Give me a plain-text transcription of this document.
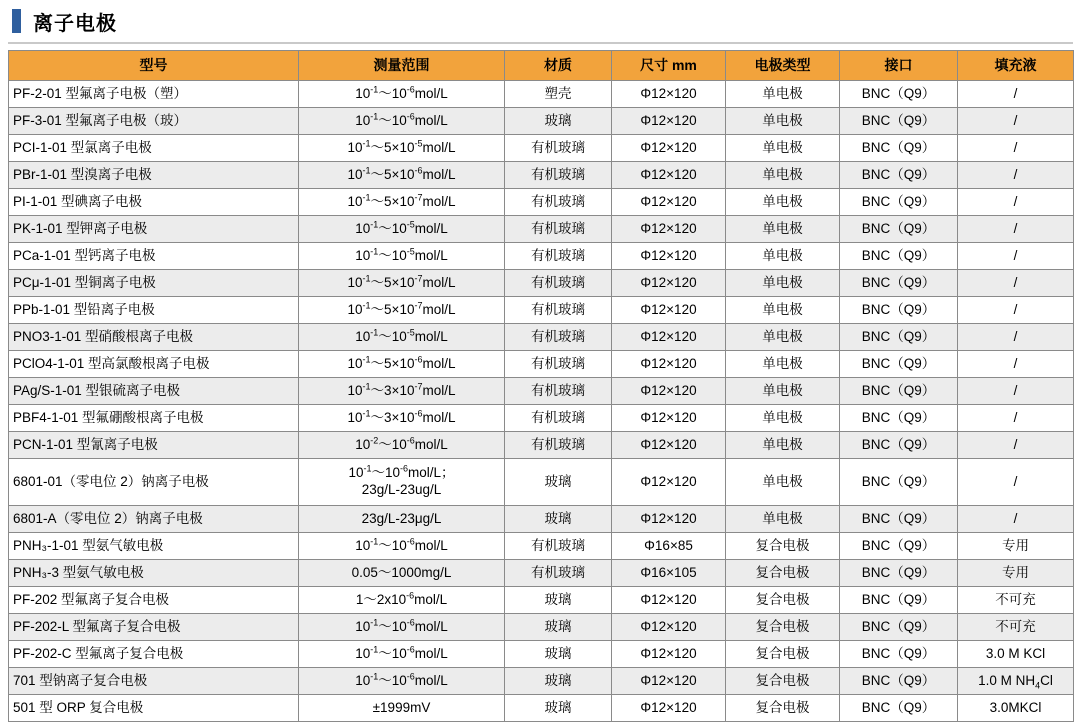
离子电极
型号	测量范围	材质	尺寸 mm	电极类型	接口	填充液
PF-2-01 型氟离子电极（塑）	$10^{-1}\sim 10^{-6}mol/L$	塑壳	Φ12×120	单电极	BNC（Q9）	/
PF-3-01 型氟离子电极（玻）	$10^{-1}\sim 10^{-6}mol/L$	玻璃	Φ12×120	单电极	BNC（Q9）	/
PCI-1-01 型氯离子电极	$10^{-1}\sim 5\times 10^{-5}mol/L$	有机玻璃	Φ12×120	单电极	BNC（Q9）	/
PBr-1-01 型溴离子电极	$10^{-1}\sim 5\times 10^{-6}mol/L$	有机玻璃	Φ12×120	单电极	BNC（Q9）	/
PI-1-01 型碘离子电极	$10^{-1}\sim 5\times 10^{-7}mol/L$	有机玻璃	Φ12×120	单电极	BNC（Q9）	/
PK-1-01 型钾离子电极	$10^{-1}\sim 10^{-5}mol/L$	有机玻璃	Φ12×120	单电极	BNC（Q9）	/
PCa-1-01 型钙离子电极	$10^{-1}\sim 10^{-5}mol/L$	有机玻璃	Φ12×120	单电极	BNC（Q9）	/
PCμ-1-01 型铜离子电极	$10^{-1}\sim 5\times 10^{-7}mol/L$	有机玻璃	Φ12×120	单电极	BNC（Q9）	/
PPb-1-01 型铅离子电极	$10^{-1}\sim 5\times 10^{-7}mol/L$	有机玻璃	Φ12×120	单电极	BNC（Q9）	/
PNO3-1-01 型硝酸根离子电极	$10^{-1}\sim 10^{-5}mol/L$	有机玻璃	Φ12×120	单电极	BNC（Q9）	/
PClO4-1-01 型高氯酸根离子电极	$10^{-1}\sim 5\times 10^{-6}mol/L$	有机玻璃	Φ12×120	单电极	BNC（Q9）	/
PAg/S-1-01 型银硫离子电极	$10^{-1}\sim 3\times 10^{-7}mol/L$	有机玻璃	Φ12×120	单电极	BNC（Q9）	/
PBF4-1-01 型氟硼酸根离子电极	$10^{-1}\sim 3\times 10^{-6}mol/L$	有机玻璃	Φ12×120	单电极	BNC（Q9）	/
PCN-1-01 型氰离子电极	$10^{-2}\sim 10^{-6}mol/L$	有机玻璃	Φ12×120	单电极	BNC（Q9）	/
6801-01（零电位 2）钠离子电极	$10^{-1}\sim 10^{-6}mol/L$；
23g/L-23ug/L	玻璃	Φ12×120	单电极	BNC（Q9）	/
6801-A（零电位 2）钠离子电极	23g/L-23μg/L	玻璃	Φ12×120	单电极	BNC（Q9）	/
PNH₃-1-01 型氨气敏电极	$10^{-1}\sim 10^{-6}mol/L$	有机玻璃	Φ16×85	复合电极	BNC（Q9）	专用
PNH₃-3 型氨气敏电极	0.05～1000mg/L	有机玻璃	Φ16×105	复合电极	BNC（Q9）	专用
PF-202 型氟离子复合电极	$1\sim 2x10^{-6}mol/L$	玻璃	Φ12×120	复合电极	BNC（Q9）	不可充
PF-202-L 型氟离子复合电极	$10^{-1}\sim 10^{-6}mol/L$	玻璃	Φ12×120	复合电极	BNC（Q9）	不可充
PF-202-C 型氟离子复合电极	$10^{-1}\sim 10^{-6}mol/L$	玻璃	Φ12×120	复合电极	BNC（Q9）	3.0 M KCl
701 型钠离子复合电极	$10^{-1}\sim 10^{-6}mol/L$	玻璃	Φ12×120	复合电极	BNC（Q9）	1.0 M $NH_4Cl$
501 型 ORP 复合电极	±1999mV	玻璃	Φ12×120	复合电极	BNC（Q9）	3.0MKCl
